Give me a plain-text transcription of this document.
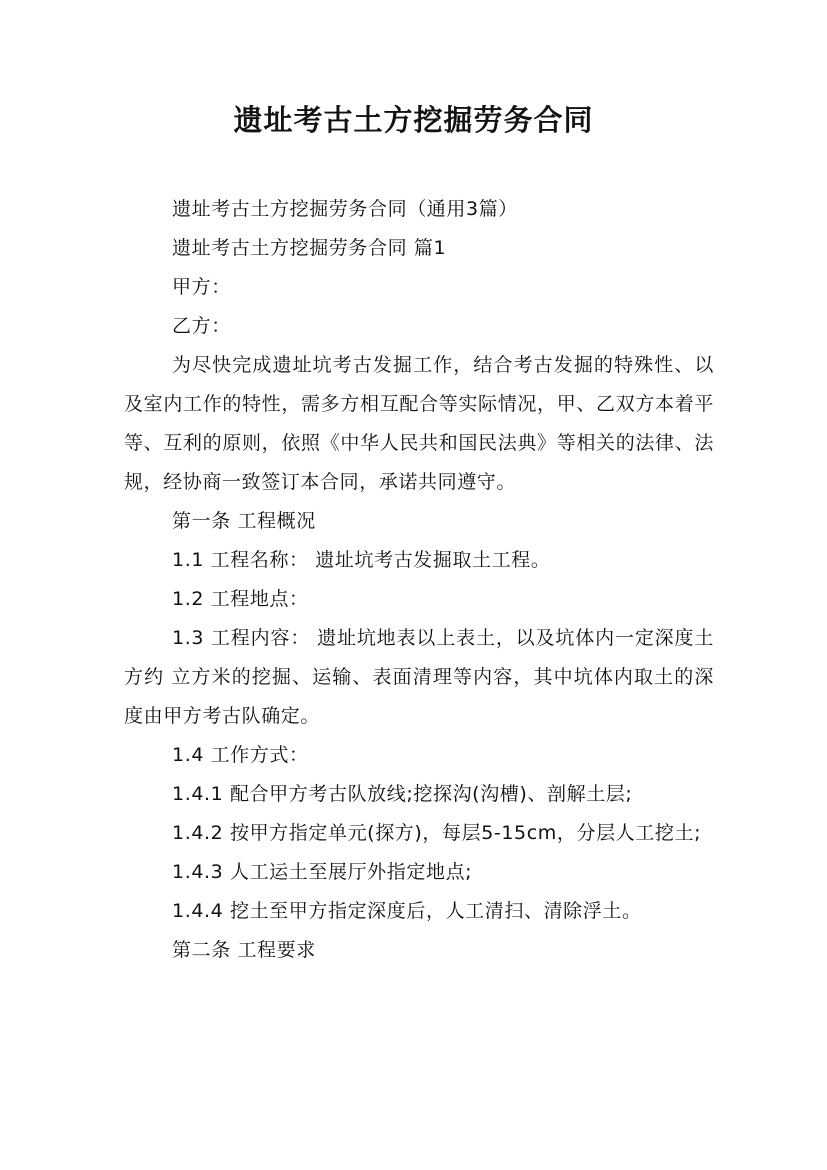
遗址考古土方挖掘劳务合同

遗址考古土方挖掘劳务合同（通用3篇）

遗址考古土方挖掘劳务合同 篇1

甲方：

乙方：

为尽快完成遗址坑考古发掘工作，结合考古发掘的特殊性、以及室内工作的特性，需多方相互配合等实际情况，甲、乙双方本着平等、互利的原则，依照《中华人民共和国民法典》等相关的法律、法规，经协商一致签订本合同，承诺共同遵守。

第一条 工程概况

1.1 工程名称： 遗址坑考古发掘取土工程。

1.2 工程地点：

1.3 工程内容： 遗址坑地表以上表土，以及坑体内一定深度土方约 立方米的挖掘、运输、表面清理等内容，其中坑体内取土的深度由甲方考古队确定。

1.4 工作方式：

1.4.1 配合甲方考古队放线;挖探沟(沟槽)、剖解土层;

1.4.2 按甲方指定单元(探方)，每层5-15cm，分层人工挖土;

1.4.3 人工运土至展厅外指定地点;

1.4.4 挖土至甲方指定深度后，人工清扫、清除浮土。

第二条 工程要求
